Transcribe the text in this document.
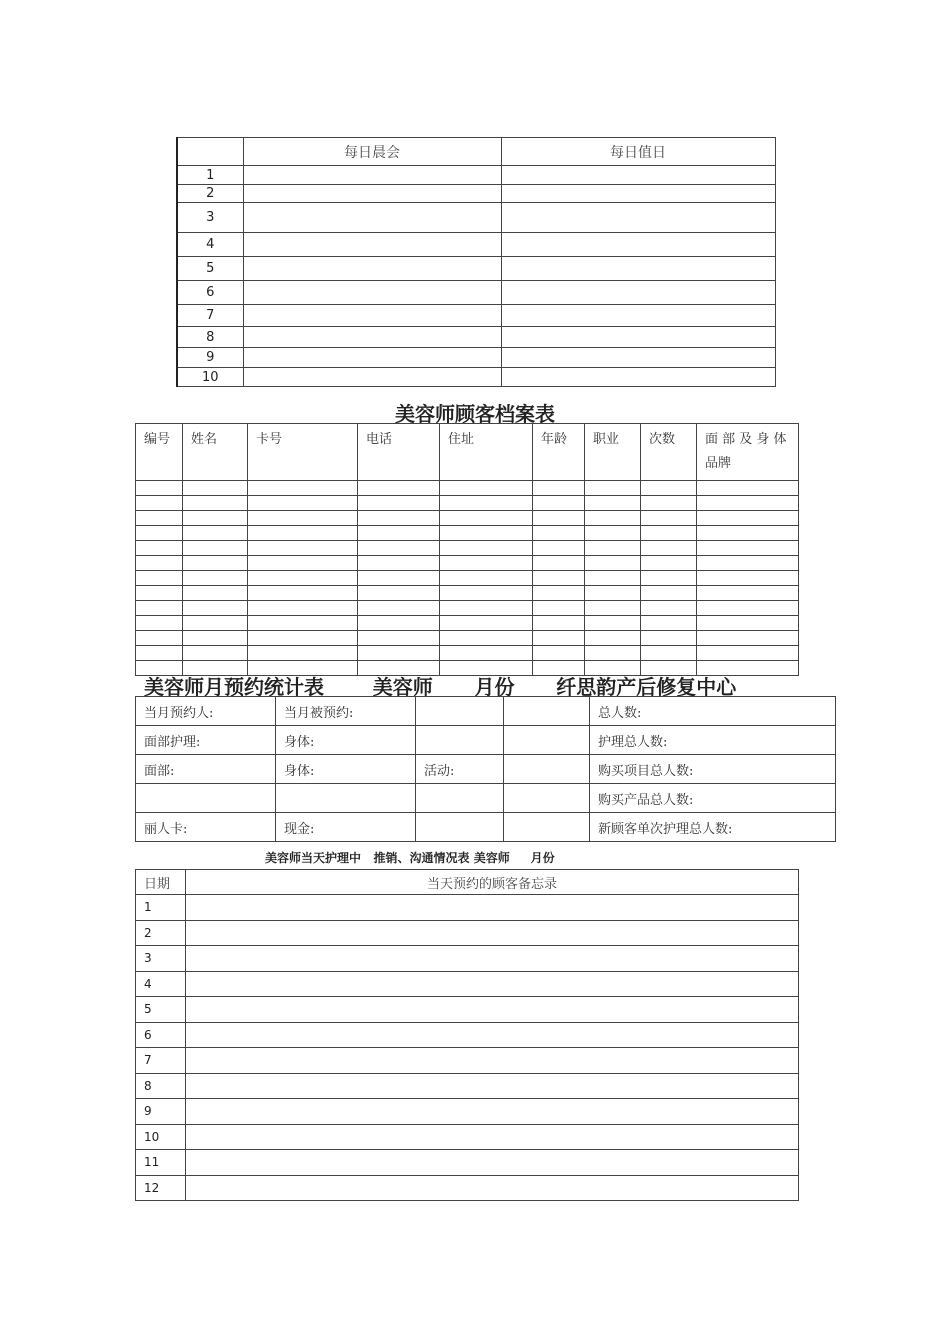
	每日晨会	每日值日
1		
2		
3		
4		
5		
6		
7		
8		
9		
10		
美容师顾客档案表
编号	姓名	卡号	电话	住址	年龄	职业	次数	面 部 及 身 体 品牌

美容师月预约统计表       美容师      月份      纤思韵产后修复中心
当月预约人:	当月被预约:			总人数:
面部护理:	身体:			护理总人数:
面部:	身体:	活动:		购买项目总人数:
				购买产品总人数:
丽人卡:	现金:			新顾客单次护理总人数:
美容师当天护理中   推销、沟通情况表 美容师     月份
日期	当天预约的顾客备忘录
1	
2	
3	
4	
5	
6	
7	
8	
9	
10	
11	
12	
